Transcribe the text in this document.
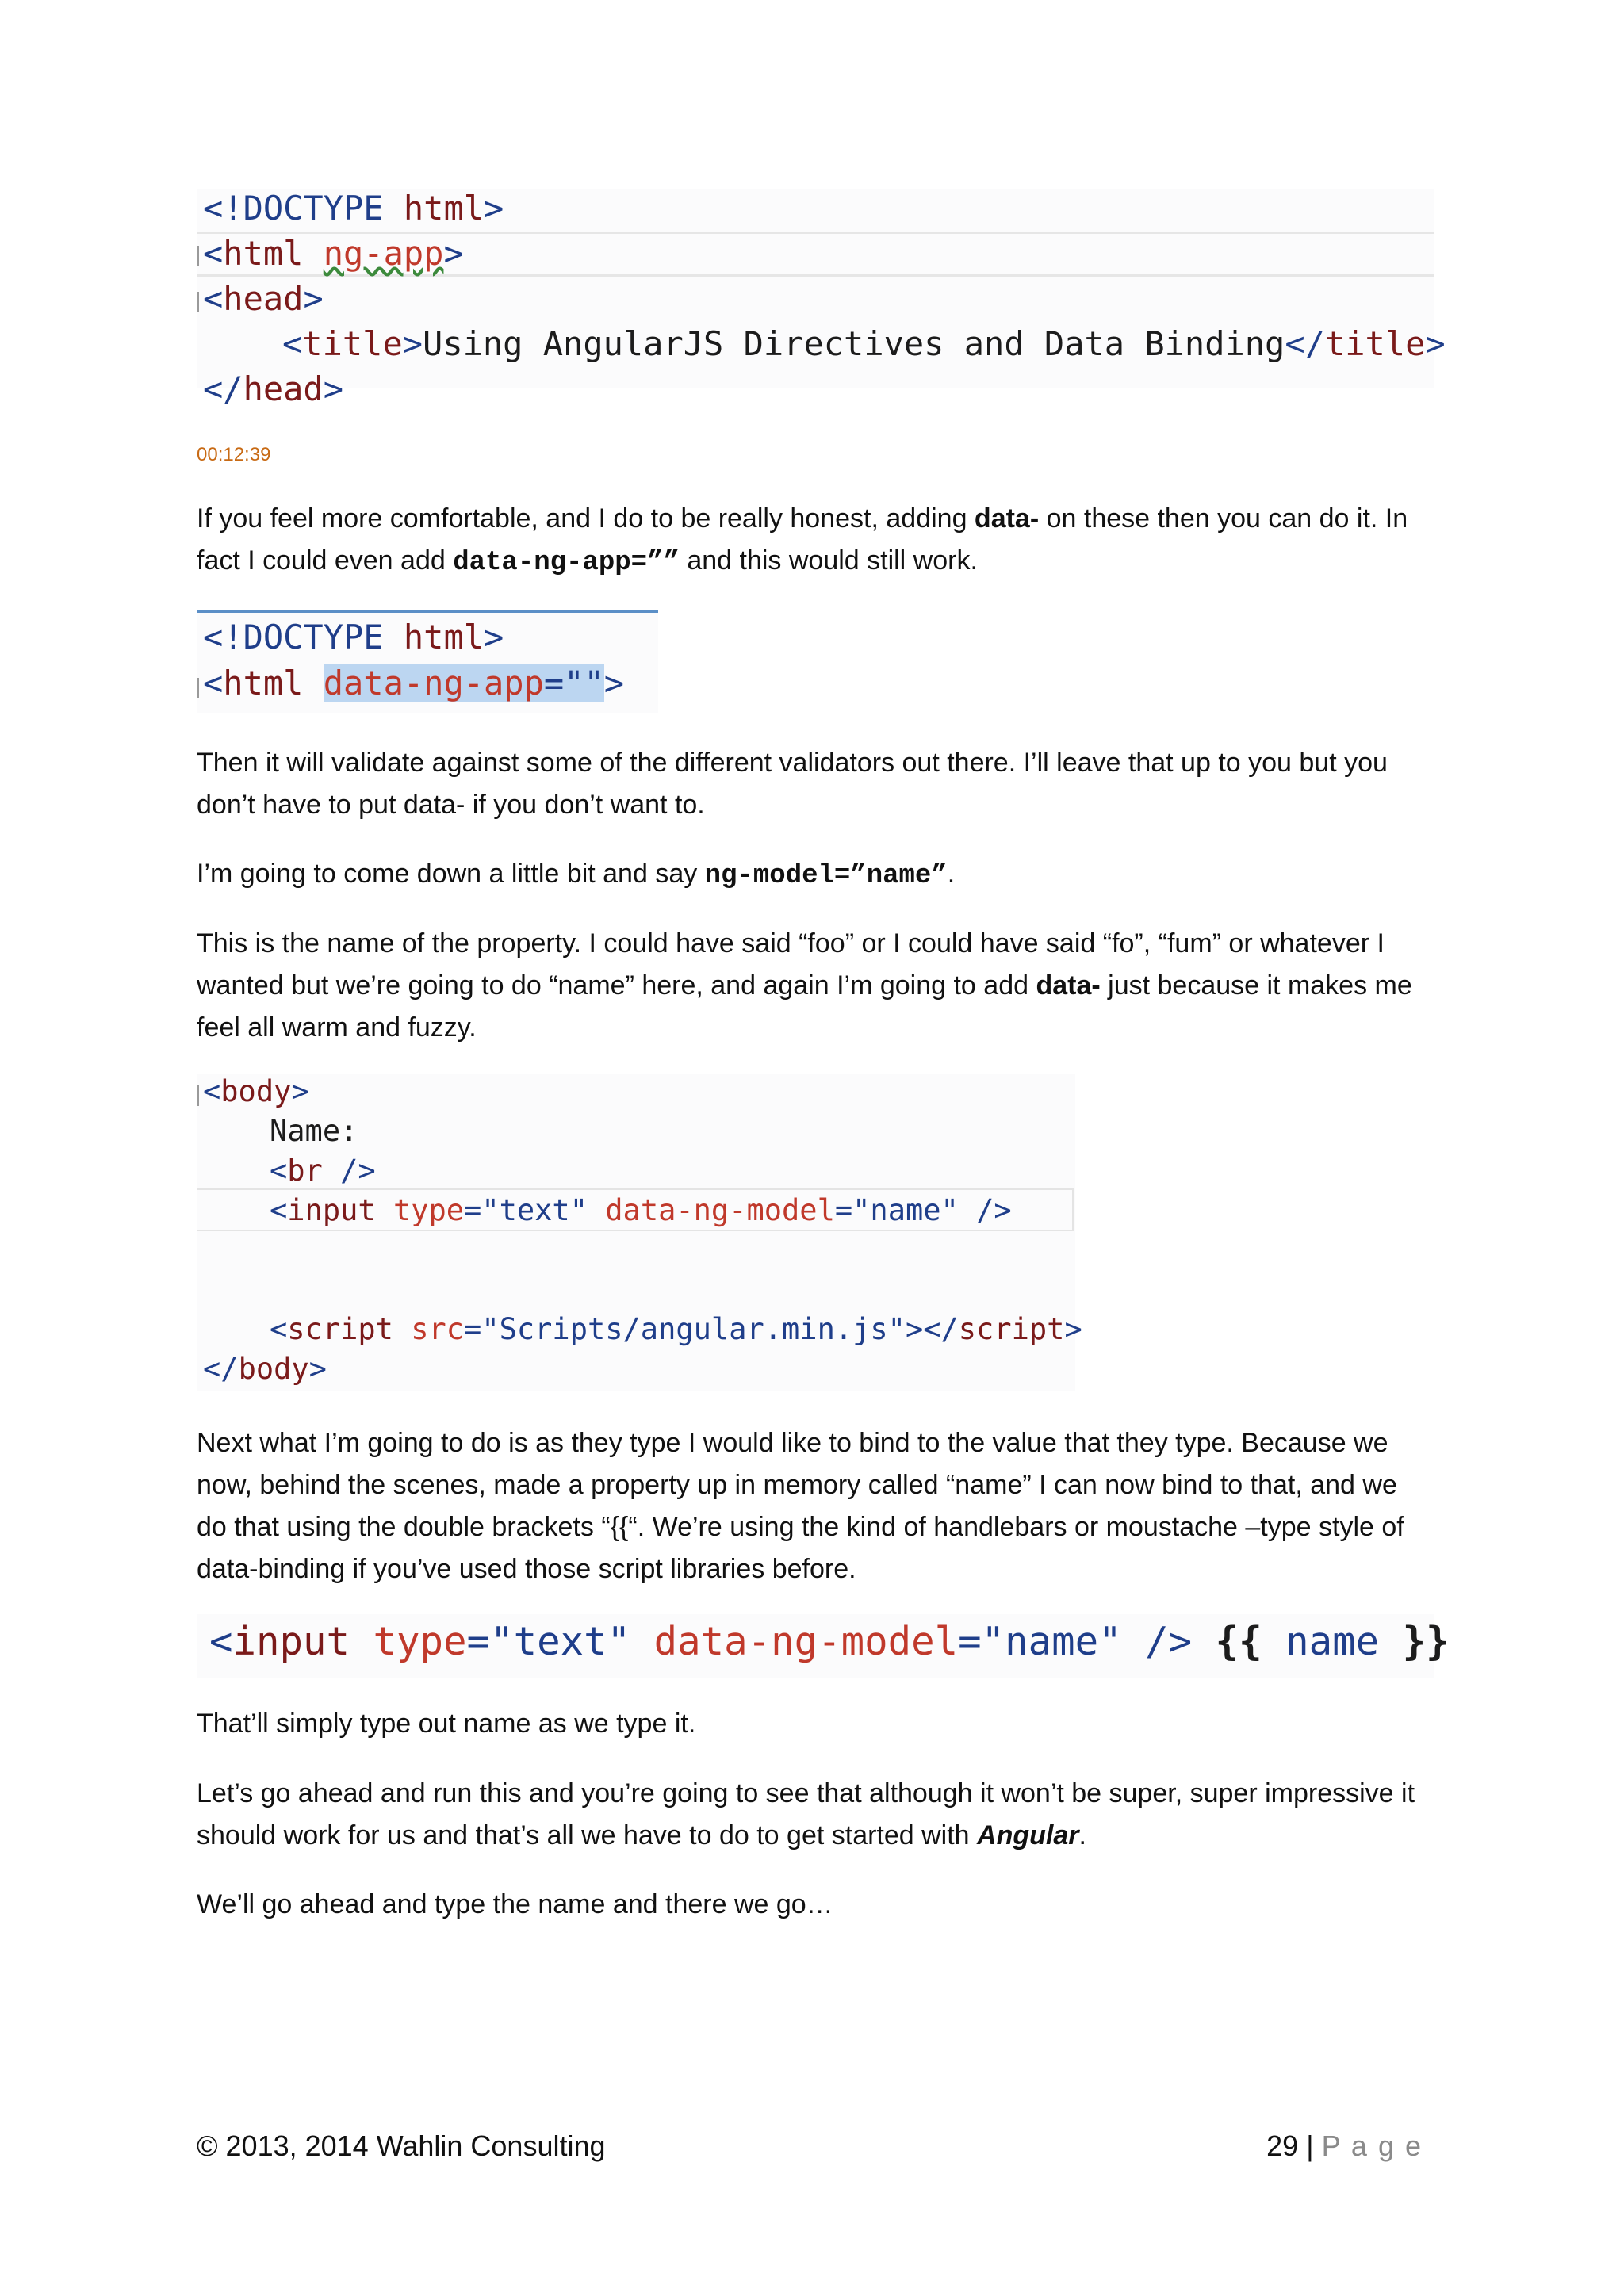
<!DOCTYPE html>
<html ng-app>
<head>
<title>Using AngularJS Directives and Data Binding</title>
</head>
00:12:39
If you feel more comfortable, and I do to be really honest, adding data- on these then you can do it. In fact I could even add data-ng-app=”” and this would still work.
<!DOCTYPE html>
<html data-ng-app="">
Then it will validate against some of the different validators out there. I’ll leave that up to you but you don’t have to put data- if you don’t want to.
I’m going to come down a little bit and say ng-model=”name”.
This is the name of the property. I could have said “foo” or I could have said “fo”, “fum” or whatever I wanted but we’re going to do “name” here, and again I’m going to add data- just because it makes me feel all warm and fuzzy.
<body>
Name:
<br />
<input type="text" data-ng-model="name" />
<script src="Scripts/angular.min.js"></script>
</body>
Next what I’m going to do is as they type I would like to bind to the value that they type. Because we now, behind the scenes, made a property up in memory called “name” I can now bind to that, and we do that using the double brackets “{{“. We’re using the kind of handlebars or moustache –type style of data-binding if you’ve used those script libraries before.
<input type="text" data-ng-model="name" /> {{ name }}
That’ll simply type out name as we type it.
Let’s go ahead and run this and you’re going to see that although it won’t be super, super impressive it should work for us and that’s all we have to do to get started with Angular.
We’ll go ahead and type the name and there we go…
© 2013, 2014 Wahlin Consulting	29 | P a g e
